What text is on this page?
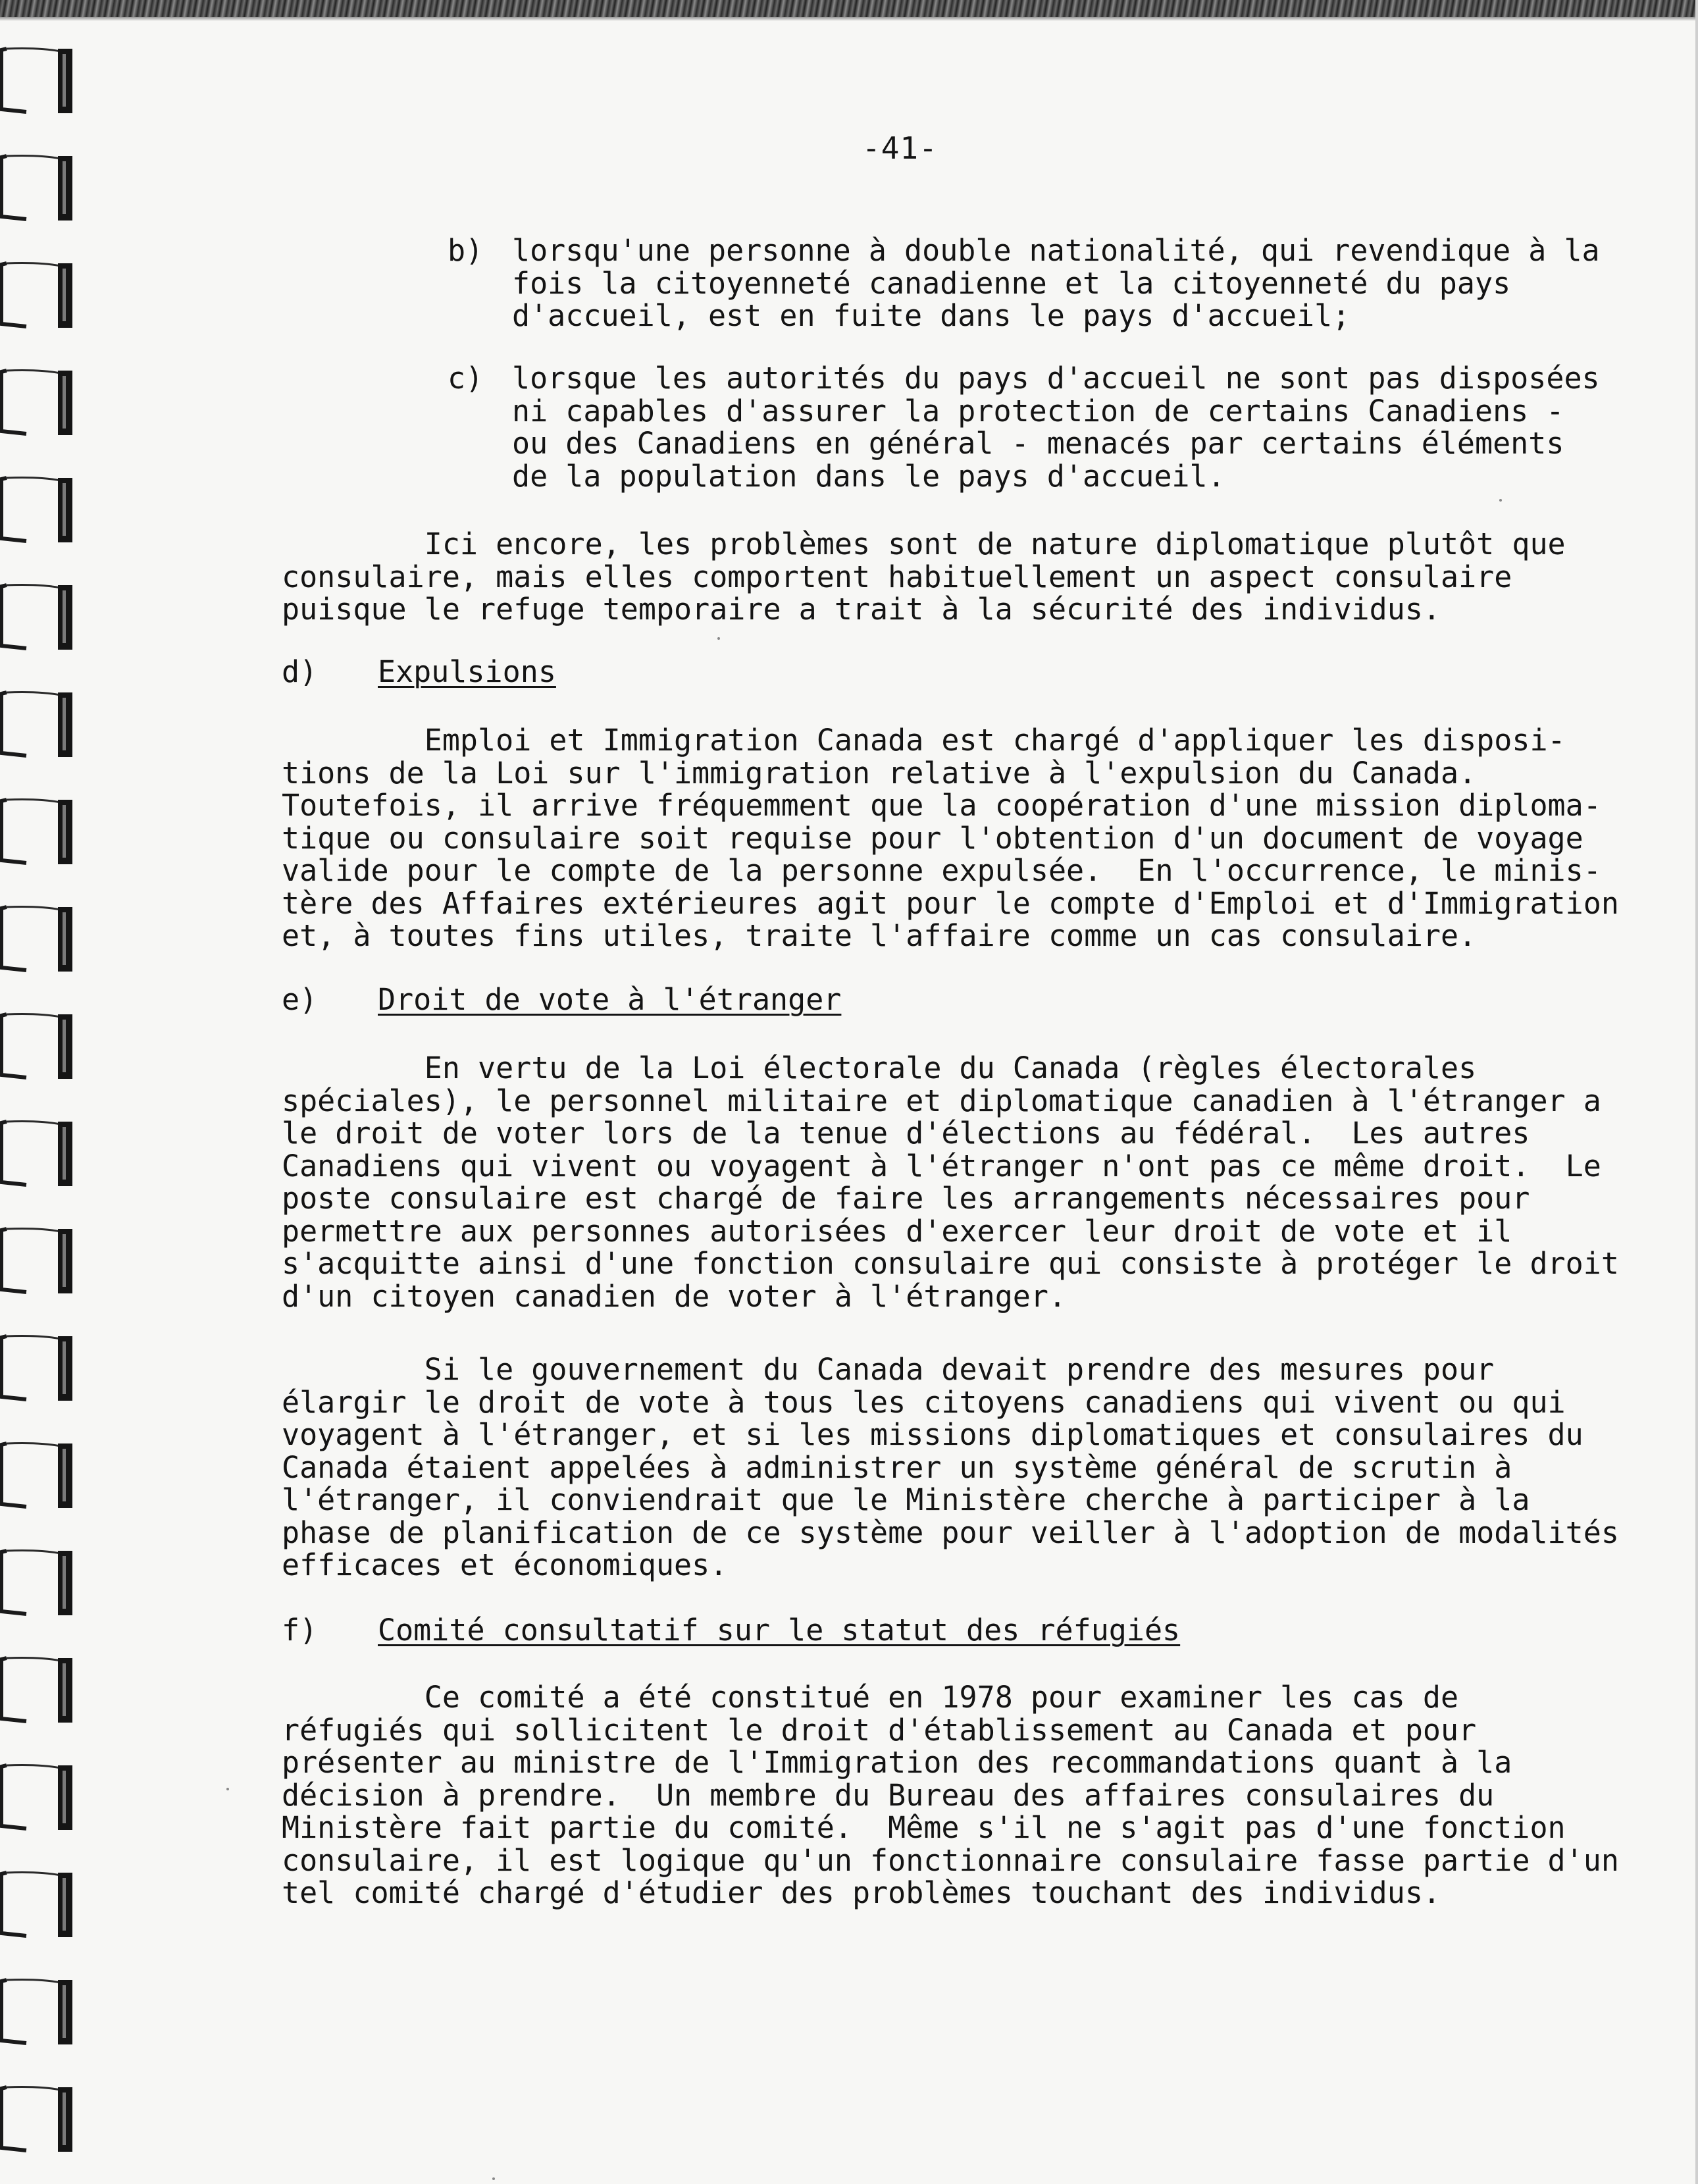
-41-
b) lorsqu'une personne à double nationalité, qui revendique à la
fois la citoyenneté canadienne et la citoyenneté du pays
d'accueil, est en fuite dans le pays d'accueil;
c) lorsque les autorités du pays d'accueil ne sont pas disposées
ni capables d'assurer la protection de certains Canadiens -
ou des Canadiens en général - menacés par certains éléments
de la population dans le pays d'accueil.
Ici encore, les problèmes sont de nature diplomatique plutôt que
consulaire, mais elles comportent habituellement un aspect consulaire
puisque le refuge temporaire a trait à la sécurité des individus.
d) Expulsions
Emploi et Immigration Canada est chargé d'appliquer les disposi-
tions de la Loi sur l'immigration relative à l'expulsion du Canada.
Toutefois, il arrive fréquemment que la coopération d'une mission diploma-
tique ou consulaire soit requise pour l'obtention d'un document de voyage
valide pour le compte de la personne expulsée.  En l'occurrence, le minis-
tère des Affaires extérieures agit pour le compte d'Emploi et d'Immigration
et, à toutes fins utiles, traite l'affaire comme un cas consulaire.
e) Droit de vote à l'étranger
En vertu de la Loi électorale du Canada (règles électorales
spéciales), le personnel militaire et diplomatique canadien à l'étranger a
le droit de voter lors de la tenue d'élections au fédéral.  Les autres
Canadiens qui vivent ou voyagent à l'étranger n'ont pas ce même droit.  Le
poste consulaire est chargé de faire les arrangements nécessaires pour
permettre aux personnes autorisées d'exercer leur droit de vote et il
s'acquitte ainsi d'une fonction consulaire qui consiste à protéger le droit
d'un citoyen canadien de voter à l'étranger.
Si le gouvernement du Canada devait prendre des mesures pour
élargir le droit de vote à tous les citoyens canadiens qui vivent ou qui
voyagent à l'étranger, et si les missions diplomatiques et consulaires du
Canada étaient appelées à administrer un système général de scrutin à
l'étranger, il conviendrait que le Ministère cherche à participer à la
phase de planification de ce système pour veiller à l'adoption de modalités
efficaces et économiques.
f) Comité consultatif sur le statut des réfugiés
Ce comité a été constitué en 1978 pour examiner les cas de
réfugiés qui sollicitent le droit d'établissement au Canada et pour
présenter au ministre de l'Immigration des recommandations quant à la
décision à prendre.  Un membre du Bureau des affaires consulaires du
Ministère fait partie du comité.  Même s'il ne s'agit pas d'une fonction
consulaire, il est logique qu'un fonctionnaire consulaire fasse partie d'un
tel comité chargé d'étudier des problèmes touchant des individus.
